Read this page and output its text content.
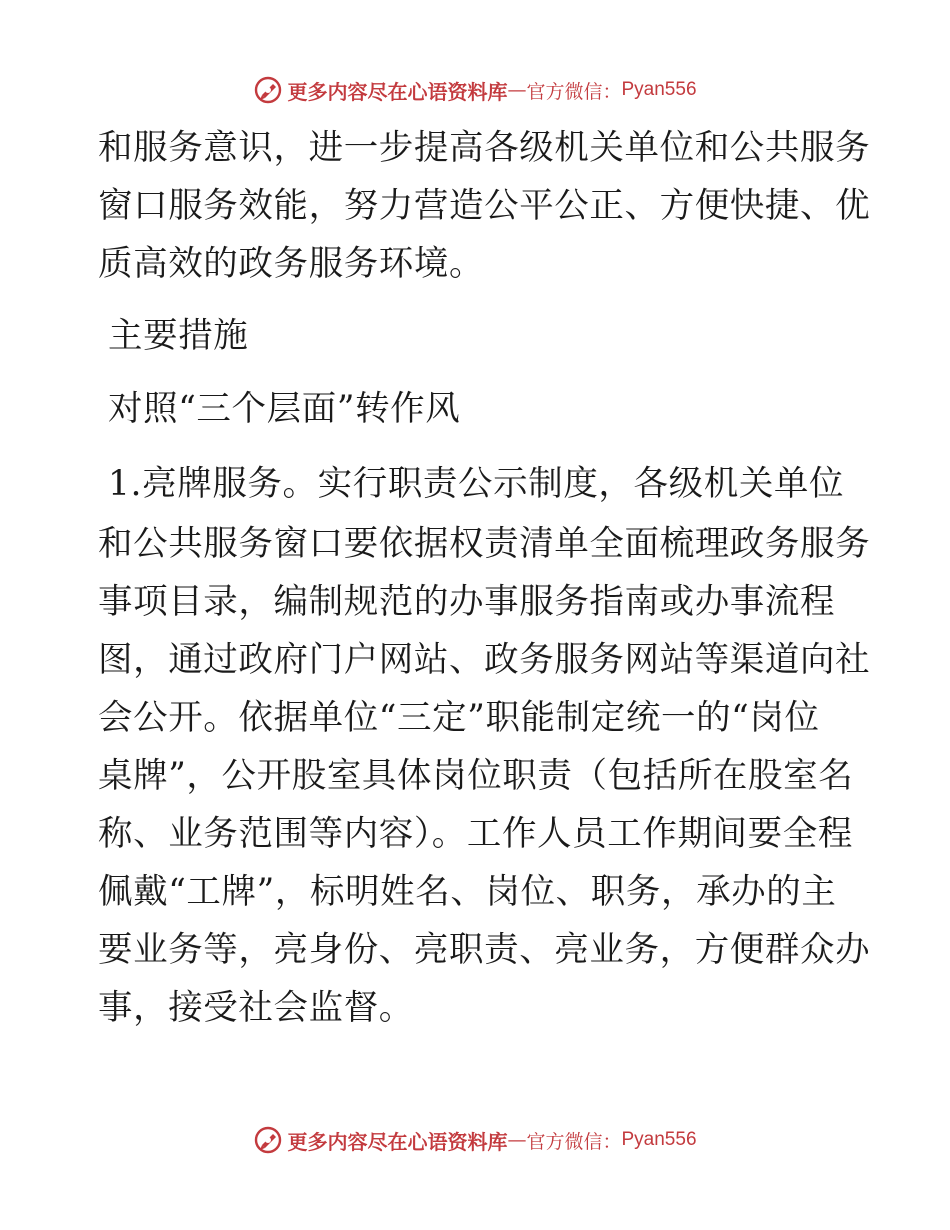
更多内容尽在心语资料库 — 官方微信： Pyan556
和服务意识，进一步提高各级机关单位和公共服务
窗口服务效能，努力营造公平公正、方便快捷、优
质高效的政务服务环境。
主要措施
对照“三个层面”转作风
1.亮牌服务。实行职责公示制度，各级机关单位
和公共服务窗口要依据权责清单全面梳理政务服务
事项目录，编制规范的办事服务指南或办事流程
图，通过政府门户网站、政务服务网站等渠道向社
会公开。依据单位“三定”职能制定统一的“岗位
桌牌”，公开股室具体岗位职责（包括所在股室名
称、业务范围等内容）。工作人员工作期间要全程
佩戴“工牌”，标明姓名、岗位、职务，承办的主
要业务等，亮身份、亮职责、亮业务，方便群众办
事，接受社会监督。
更多内容尽在心语资料库 — 官方微信： Pyan556
